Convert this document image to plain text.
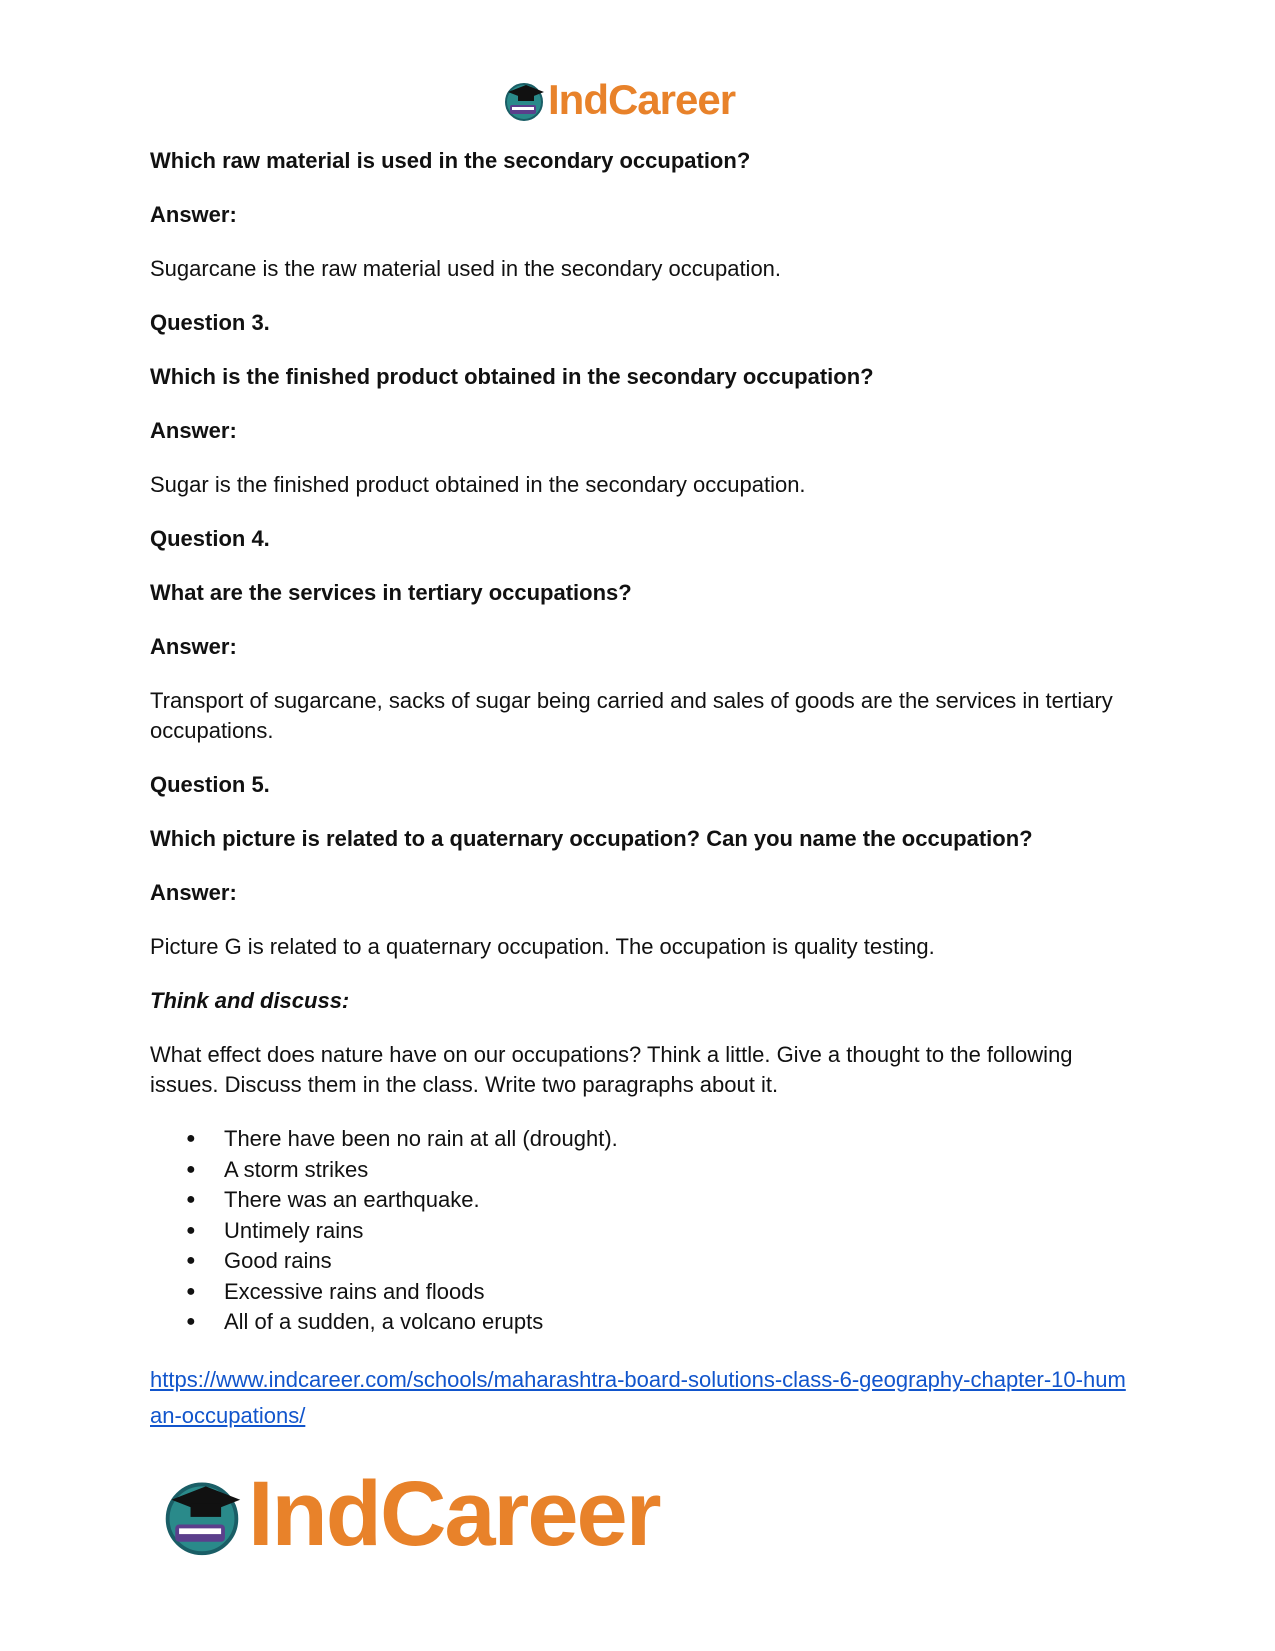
IndCareer

Which raw material is used in the secondary occupation?

Answer:

Sugarcane is the raw material used in the secondary occupation.

Question 3.

Which is the finished product obtained in the secondary occupation?

Answer:

Sugar is the finished product obtained in the secondary occupation.

Question 4.

What are the services in tertiary occupations?

Answer:

Transport of sugarcane, sacks of sugar being carried and sales of goods are the services in tertiary occupations.

Question 5.

Which picture is related to a quaternary occupation? Can you name the occupation?

Answer:

Picture G is related to a quaternary occupation. The occupation is quality testing.

Think and discuss:

What effect does nature have on our occupations? Think a little. Give a thought to the following issues. Discuss them in the class. Write two paragraphs about it.

● There have been no rain at all (drought).
● A storm strikes
● There was an earthquake.
● Untimely rains
● Good rains
● Excessive rains and floods
● All of a sudden, a volcano erupts
https://www.indcareer.com/schools/maharashtra-board-solutions-class-6-geography-chapter-10-human-occupations/
IndCareer
